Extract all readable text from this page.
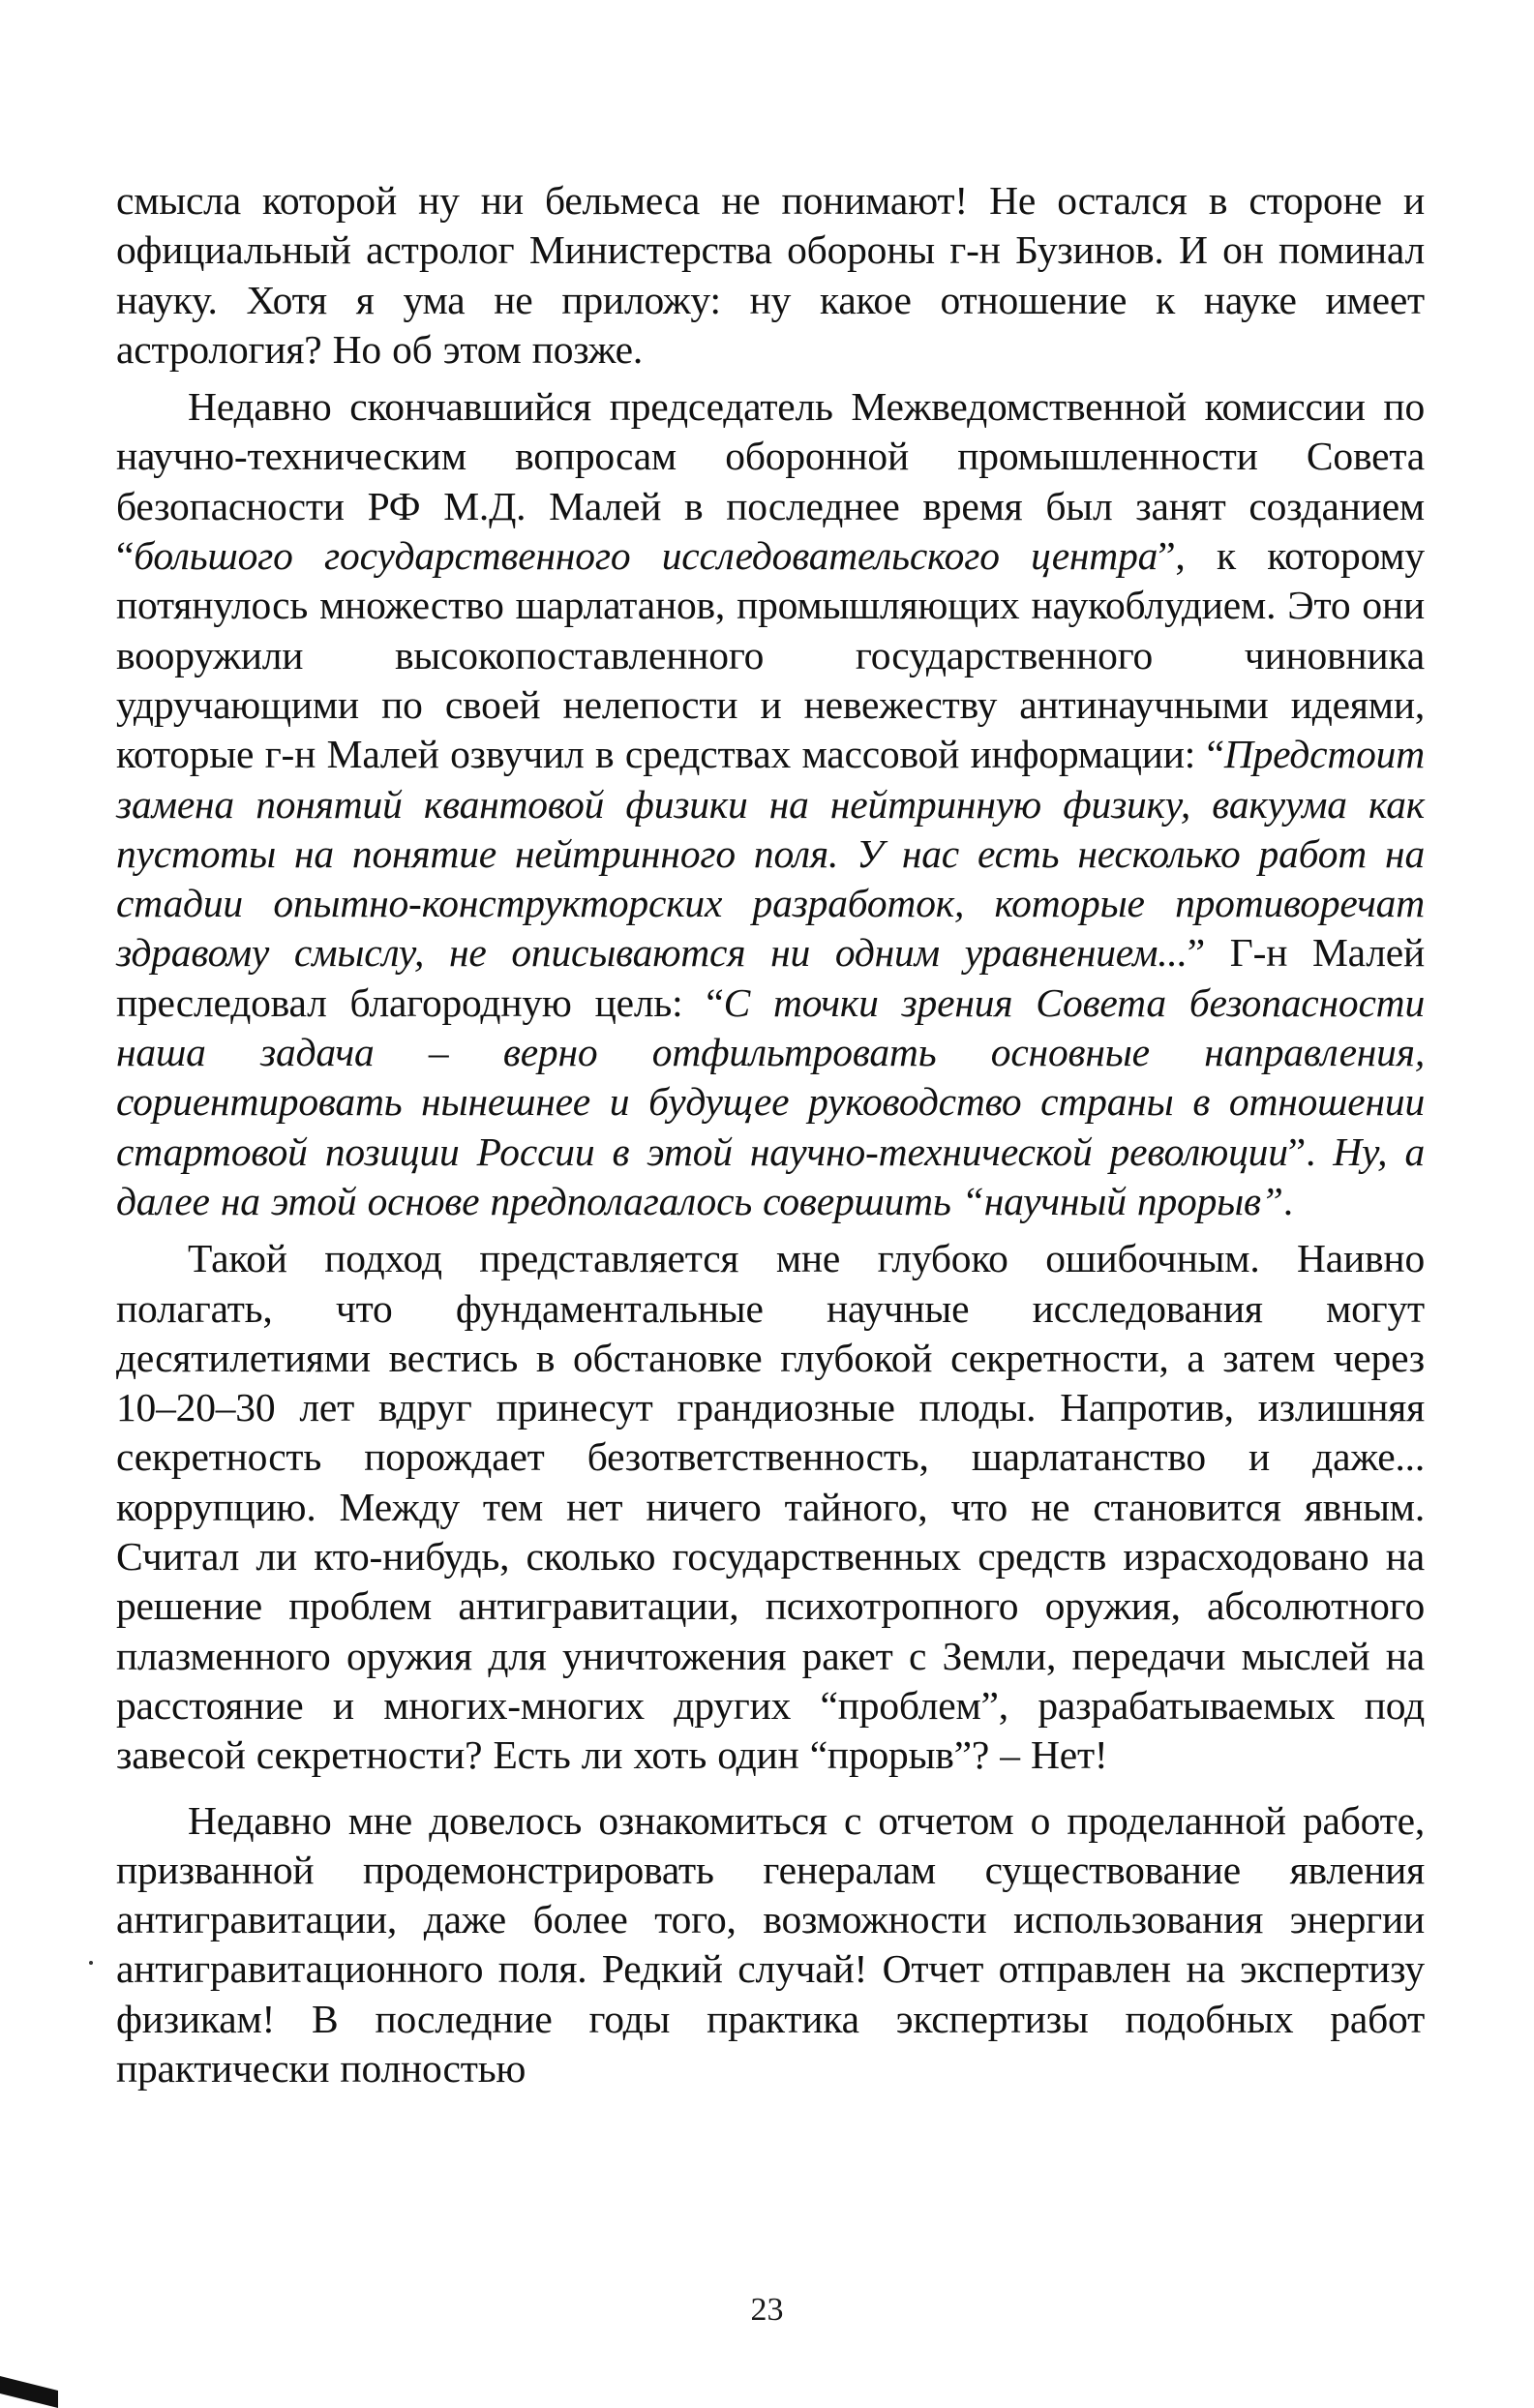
смысла которой ну ни бельмеса не понимают! Не остался в стороне и официальный астролог Министерства обороны г-н Бузинов. И он поминал науку. Хотя я ума не приложу: ну какое отношение к науке имеет астрология? Но об этом позже.

Недавно скончавшийся председатель Межведомственной комиссии по научно-техническим вопросам оборонной промышленности Совета безопасности РФ М.Д. Малей в последнее время был занят созданием “большого государственного исследовательского центра”, к которому потянулось множество шарлатанов, промышляющих наукоблудием. Это они вооружили высокопоставленного государственного чиновника удручающими по своей нелепости и невежеству антинаучными идеями, которые г-н Малей озвучил в средствах массовой информации: “Предстоит замена понятий квантовой физики на нейтринную физику, вакуума как пустоты на понятие нейтринного поля. У нас есть несколько работ на стадии опытно-конструкторских разработок, которые противоречат здравому смыслу, не описываются ни одним уравнением...” Г-н Малей преследовал благородную цель: “С точки зрения Совета безопасности наша задача – верно отфильтровать основные направления, сориентировать нынешнее и будущее руководство страны в отношении стартовой позиции России в этой научно-технической революции”. Ну, а далее на этой основе предполагалось совершить “научный прорыв”.

Такой подход представляется мне глубоко ошибочным. Наивно полагать, что фундаментальные научные исследования могут десятилетиями вестись в обстановке глубокой секретности, а затем через 10–20–30 лет вдруг принесут грандиозные плоды. Напротив, излишняя секретность порождает безответственность, шарлатанство и даже... коррупцию. Между тем нет ничего тайного, что не становится явным. Считал ли кто-нибудь, сколько государственных средств израсходовано на решение проблем антигравитации, психотропного оружия, абсолютного плазменного оружия для уничтожения ракет с Земли, передачи мыслей на расстояние и многих-многих других “проблем”, разрабатываемых под завесой секретности? Есть ли хоть один “прорыв”? – Нет!

Недавно мне довелось ознакомиться с отчетом о проделанной работе, призванной продемонстрировать генералам существование явления антигравитации, даже более того, возможности использования энергии антигравитационного поля. Редкий случай! Отчет отправлен на экспертизу физикам! В последние годы практика экспертизы подобных работ практически полностью

23
